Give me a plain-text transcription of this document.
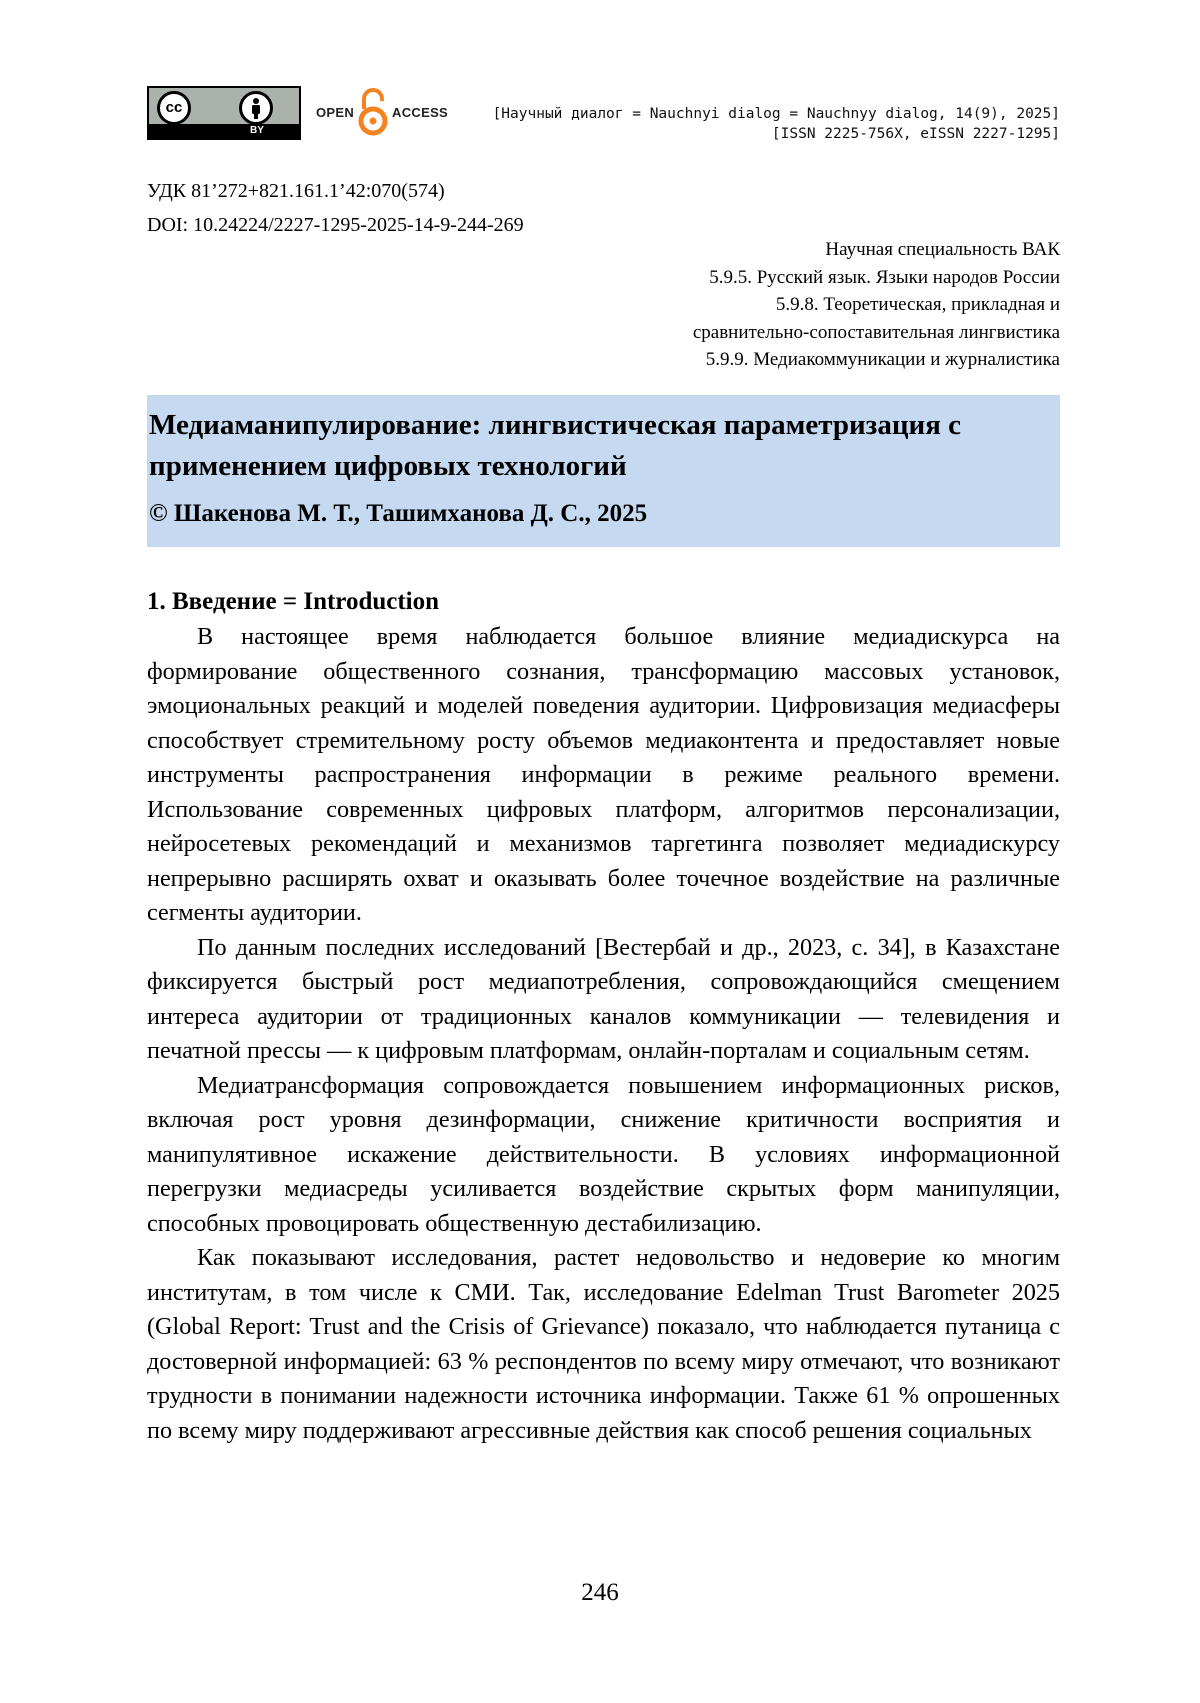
cc
BY
OPEN	ACCESS	[Научный диалог = Nauchnyi dialog = Nauchnyy dialog, 14(9), 2025]
[ISSN 2225-756X, eISSN 2227-1295]
УДК 81’272+821.161.1’42:070(574)
DOI: 10.24224/2227-1295-2025-14-9-244-269
Научная специальность ВАК
5.9.5. Русский язык. Языки народов России
5.9.8. Теоретическая, прикладная и
сравнительно-сопоставительная лингвистика
5.9.9. Медиакоммуникации и журналистика
Медиаманипулирование: лингвистическая параметризация с применением цифровых технологий
© Шакенова М. Т., Ташимханова Д. С., 2025
1. Введение = Introduction

В настоящее время наблюдается большое влияние медиадискурса на формирование общественного сознания, трансформацию массовых установок, эмоциональных реакций и моделей поведения аудитории. Цифровизация медиасферы способствует стремительному росту объемов медиаконтента и предоставляет новые инструменты распространения информации в режиме реального времени. Использование современных цифровых платформ, алгоритмов персонализации, нейросетевых рекомендаций и механизмов таргетинга позволяет медиадискурсу непрерывно расширять охват и оказывать более точечное воздействие на различные сегменты аудитории.

По данным последних исследований [Вестербай и др., 2023, с. 34], в Казахстане фиксируется быстрый рост медиапотребления, сопровождающийся смещением интереса аудитории от традиционных каналов коммуникации — телевидения и печатной прессы — к цифровым платформам, онлайн-порталам и социальным сетям.

Медиатрансформация сопровождается повышением информационных рисков, включая рост уровня дезинформации, снижение критичности восприятия и манипулятивное искажение действительности. В условиях информационной перегрузки медиасреды усиливается воздействие скрытых форм манипуляции, способных провоцировать общественную дестабилизацию.

Как показывают исследования, растет недовольство и недоверие ко многим институтам, в том числе к СМИ. Так, исследование Edelman Trust Barometer 2025 (Global Report: Trust and the Crisis of Grievance) показало, что наблюдается путаница с достоверной информацией: 63 % респондентов по всему миру отмечают, что возникают трудности в понимании надежности источника информации. Также 61 % опрошенных по всему миру поддерживают агрессивные действия как способ решения социальных

246
